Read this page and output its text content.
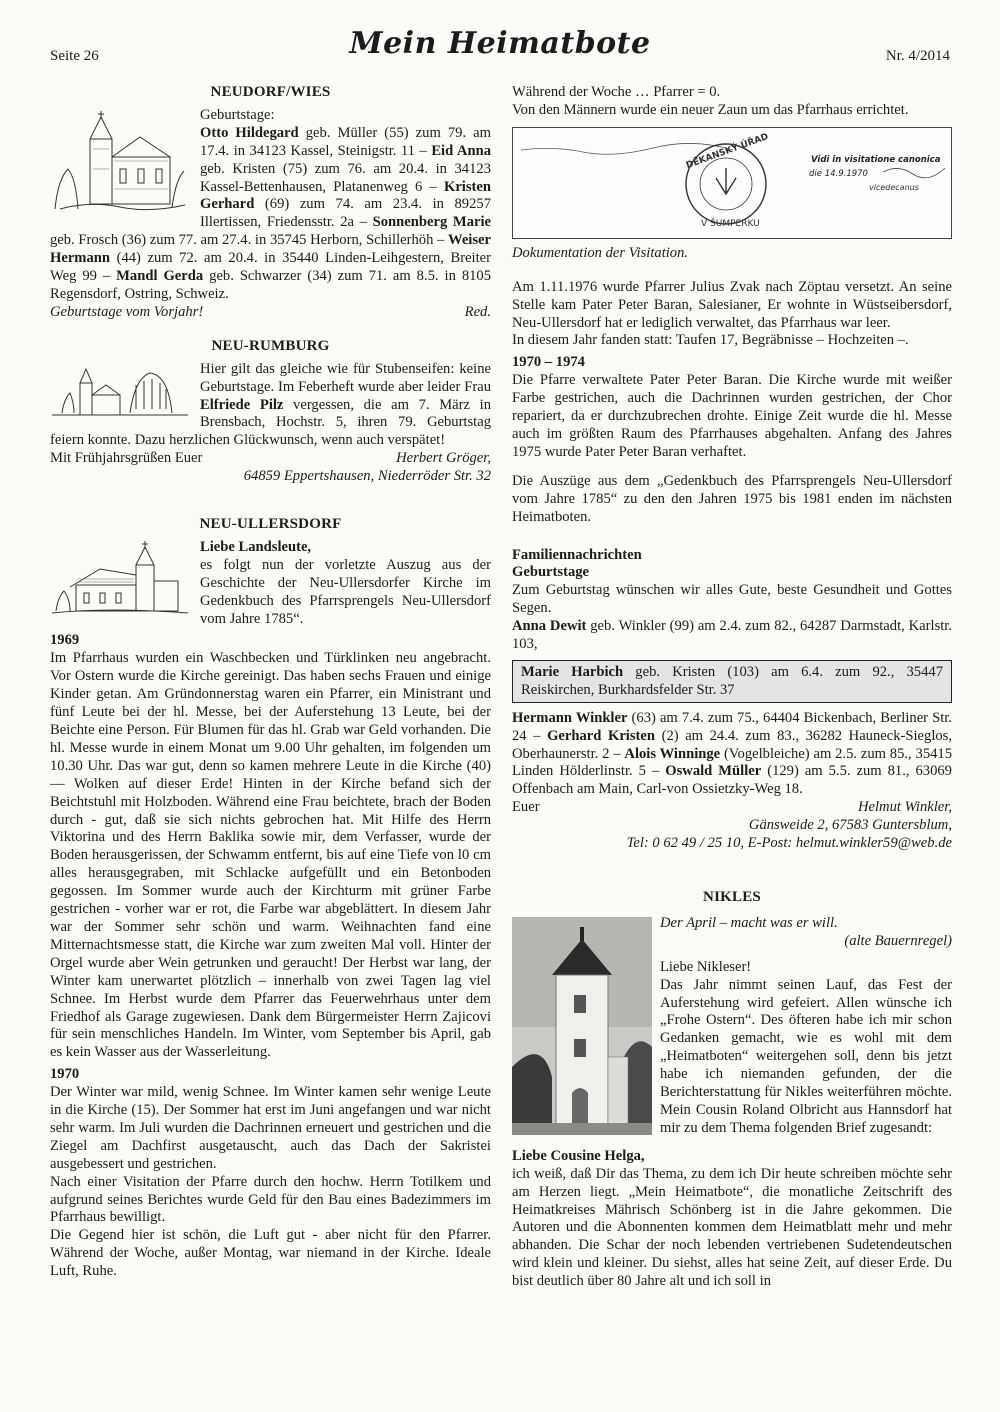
Seite 26	Mein Heimatbote	Nr. 4/2014
NEUDORF/WIES

Geburtstage:

Otto Hildegard geb. Müller (55) zum 79. am 17.4. in 34123 Kassel, Steinigstr. 11 – Eid Anna geb. Kristen (75) zum 76. am 20.4. in 34123 Kassel-Bettenhausen, Platanenweg 6 – Kristen Gerhard (69) zum 74. am 23.4. in 89257 Illertissen, Friedensstr. 2a – Sonnenberg Marie geb. Frosch (36) zum 77. am 27.4. in 35745 Herborn, Schillerhöh – Weiser Hermann (44) zum 72. am 20.4. in 35440 Linden-Leihgestern, Breiter Weg 99 – Mandl Gerda geb. Schwarzer (34) zum 71. am 8.5. in 8105 Regensdorf, Ostring, Schweiz.

Geburtstage vom Vorjahr!	Red.
NEU-RUMBURG

Hier gilt das gleiche wie für Stubenseifen: keine Geburtstage. Im Feberheft wurde aber leider Frau Elfriede Pilz vergessen, die am 7. März in Brensbach, Hochstr. 5, ihren 79. Geburtstag feiern konnte. Dazu herzlichen Glückwunsch, wenn auch verspätet!

Mit Frühjahrsgrüßen Euer	Herbert Gröger,

64859 Eppertshausen, Niederröder Str. 32

NEU-ULLERSDORF

Liebe Landsleute,

es folgt nun der vorletzte Auszug aus der Geschichte der Neu-Ullersdorfer Kirche im Gedenkbuch des Pfarrsprengels Neu-Ullersdorf vom Jahre 1785“.

1969

Im Pfarrhaus wurden ein Waschbecken und Türklinken neu angebracht. Vor Ostern wurde die Kirche gereinigt. Das haben sechs Frauen und einige Kinder getan. Am Gründonnerstag waren ein Pfarrer, ein Ministrant und fünf Leute bei der hl. Messe, bei der Auferstehung 13 Leute, bei der Beichte eine Person. Für Blumen für das hl. Grab war Geld vorhanden. Die hl. Messe wurde in einem Monat um 9.00 Uhr gehalten, im folgenden um 10.30 Uhr. Das war gut, denn so kamen mehrere Leute in die Kirche (40) — Wolken auf dieser Erde! Hinten in der Kirche befand sich der Beichtstuhl mit Holzboden. Während eine Frau beichtete, brach der Boden durch - gut, daß sie sich nichts gebrochen hat. Mit Hilfe des Herrn Viktorina und des Herrn Baklika sowie mir, dem Verfasser, wurde der Boden herausgerissen, der Schwamm entfernt, bis auf eine Tiefe von l0 cm alles herausgegraben, mit Schlacke aufgefüllt und ein Betonboden gegossen. Im Sommer wurde auch der Kirchturm mit grüner Farbe gestrichen - vorher war er rot, die Farbe war abgeblättert. In diesem Jahr war der Sommer sehr schön und warm. Weihnachten fand eine Mitternachtsmesse statt, die Kirche war zum zweiten Mal voll. Hinter der Orgel wurde aber Wein getrunken und geraucht! Der Herbst war lang, der Winter kam unerwartet plötzlich – innerhalb von zwei Tagen lag viel Schnee. Im Herbst wurde dem Pfarrer das Feuerwehrhaus unter dem Friedhof als Garage zugewiesen. Dank dem Bürgermeister Herrn Zajicovi für sein menschliches Handeln. Im Winter, vom September bis April, gab es kein Wasser aus der Wasserleitung.

1970

Der Winter war mild, wenig Schnee. Im Winter kamen sehr wenige Leute in die Kirche (15). Der Sommer hat erst im Juni angefangen und war nicht sehr warm. Im Juli wurden die Dachrinnen erneuert und gestrichen und die Ziegel am Dachfirst ausgetauscht, auch das Dach der Sakristei ausgebessert und gestrichen.

Nach einer Visitation der Pfarre durch den hochw. Herrn Totilkem und aufgrund seines Berichtes wurde Geld für den Bau eines Badezimmers im Pfarrhaus bewilligt.

Die Gegend hier ist schön, die Luft gut - aber nicht für den Pfarrer. Während der Woche, außer Montag, war niemand in der Kirche. Ideale Luft, Ruhe.

Während der Woche … Pfarrer = 0.

Von den Männern wurde ein neuer Zaun um das Pfarrhaus errichtet.

DĚKANSKÝ ÚŘAD
V ŠUMPERKU
Vidi in visitatione canonica
die 14.9.1970
vicedecanus

Dokumentation der Visitation.

Am 1.11.1976 wurde Pfarrer Julius Zvak nach Zöptau versetzt. An seine Stelle kam Pater Peter Baran, Salesianer, Er wohnte in Wüstseibersdorf, Neu-Ullersdorf hat er lediglich verwaltet, das Pfarrhaus war leer.

In diesem Jahr fanden statt: Taufen 17, Begräbnisse – Hochzeiten –.

1970 – 1974

Die Pfarre verwaltete Pater Peter Baran. Die Kirche wurde mit weißer Farbe gestrichen, auch die Dachrinnen wurden gestrichen, der Chor repariert, da er durchzubrechen drohte. Einige Zeit wurde die hl. Messe auch im größten Raum des Pfarrhauses abgehalten. Anfang des Jahres 1975 wurde Pater Peter Baran verhaftet.

Die Auszüge aus dem „Gedenkbuch des Pfarrsprengels Neu-Ullersdorf vom Jahre 1785“ zu den den Jahren 1975 bis 1981 enden im nächsten Heimatboten.

Familiennachrichten

Geburtstage

Zum Geburtstag wünschen wir alles Gute, beste Gesundheit und Gottes Segen.

Anna Dewit geb. Winkler (99) am 2.4. zum 82., 64287 Darmstadt, Karlstr. 103,

Marie Harbich geb. Kristen (103) am 6.4. zum 92., 35447 Reiskirchen, Burkhardsfelder Str. 37

Hermann Winkler (63) am 7.4. zum 75., 64404 Bickenbach, Berliner Str. 24 – Gerhard Kristen (2) am 24.4. zum 83., 36282 Hauneck-Sieglos, Oberhaunerstr. 2 – Alois Winninge (Vogelbleiche) am 2.5. zum 85., 35415 Linden Hölderlinstr. 5 – Oswald Müller (129) am 5.5. zum 81., 63069 Offenbach am Main, Carl-von Ossietzky-Weg 18.

Euer	Helmut Winkler,

Gänsweide 2, 67583 Guntersblum,

Tel: 0 62 49 / 25 10, E-Post: helmut.winkler59@web.de

NIKLES

Der April – macht was er will.

(alte Bauernregel)

Liebe Nikleser!

Das Jahr nimmt seinen Lauf, das Fest der Auferstehung wird gefeiert. Allen wünsche ich „Frohe Ostern“. Des öfteren habe ich mir schon Gedanken gemacht, wie es wohl mit dem „Heimatboten“ weitergehen soll, denn bis jetzt habe ich niemanden gefunden, der die Berichterstattung für Nikles weiterführen möchte. Mein Cousin Roland Olbricht aus Hannsdorf hat mir zu dem Thema folgenden Brief zugesandt:

Liebe Cousine Helga,

ich weiß, daß Dir das Thema, zu dem ich Dir heute schreiben möchte sehr am Herzen liegt. „Mein Heimatbote“, die monatliche Zeitschrift des Heimatkreises Mährisch Schönberg ist in die Jahre gekommen. Die Autoren und die Abonnenten kommen dem Heimatblatt mehr und mehr abhanden. Die Schar der noch lebenden vertriebenen Sudetendeutschen wird klein und kleiner. Du siehst, alles hat seine Zeit, auf dieser Erde. Du bist deutlich über 80 Jahre alt und ich soll in
